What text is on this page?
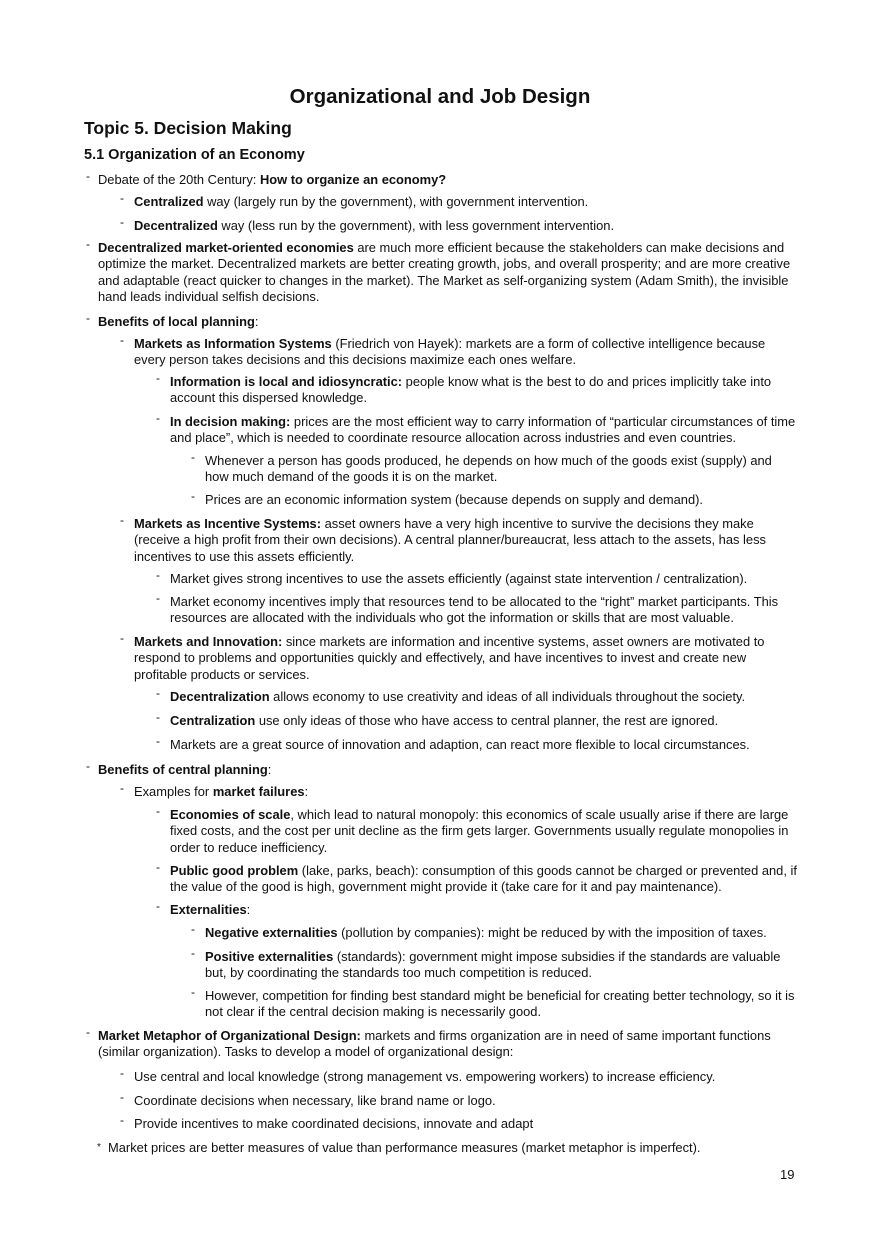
Organizational and Job Design
Topic 5. Decision Making
5.1 Organization of an Economy
- Debate of the 20th Century: How to organize an economy?
- Centralized way (largely run by the government), with government intervention.
- Decentralized way (less run by the government), with less government intervention.
- Decentralized market-oriented economies are much more efficient because the stakeholders can make decisions and optimize the market. Decentralized markets are better creating growth, jobs, and overall prosperity; and are more creative and adaptable (react quicker to changes in the market). The Market as self-organizing system (Adam Smith), the invisible hand leads individual selfish decisions.
- Benefits of local planning:
- Markets as Information Systems (Friedrich von Hayek): markets are a form of collective intelligence because every person takes decisions and this decisions maximize each ones welfare.
- Information is local and idiosyncratic: people know what is the best to do and prices implicitly take into account this dispersed knowledge.
- In decision making: prices are the most efficient way to carry information of “particular circumstances of time and place”, which is needed to coordinate resource allocation across industries and even countries.
- Whenever a person has goods produced, he depends on how much of the goods exist (supply) and how much demand of the goods it is on the market.
- Prices are an economic information system (because depends on supply and demand).
- Markets as Incentive Systems: asset owners have a very high incentive to survive the decisions they make (receive a high profit from their own decisions). A central planner/bureaucrat, less attach to the assets, has less incentives to use this assets efficiently.
- Market gives strong incentives to use the assets efficiently (against state intervention / centralization).
- Market economy incentives imply that resources tend to be allocated to the “right” market participants. This resources are allocated with the individuals who got the information or skills that are most valuable.
- Markets and Innovation: since markets are information and incentive systems, asset owners are motivated to respond to problems and opportunities quickly and effectively, and have incentives to invest and create new profitable products or services.
- Decentralization allows economy to use creativity and ideas of all individuals throughout the society.
- Centralization use only ideas of those who have access to central planner, the rest are ignored.
- Markets are a great source of innovation and adaption, can react more flexible to local circumstances.
- Benefits of central planning:
- Examples for market failures:
- Economies of scale, which lead to natural monopoly: this economics of scale usually arise if there are large fixed costs, and the cost per unit decline as the firm gets larger. Governments usually regulate monopolies in order to reduce inefficiency.
- Public good problem (lake, parks, beach): consumption of this goods cannot be charged or prevented and, if the value of the good is high, government might provide it (take care for it and pay maintenance).
- Externalities:
- Negative externalities (pollution by companies): might be reduced by with the imposition of taxes.
- Positive externalities (standards): government might impose subsidies if the standards are valuable but, by coordinating the standards too much competition is reduced.
- However, competition for finding best standard might be beneficial for creating better technology, so it is not clear if the central decision making is necessarily good.
- Market Metaphor of Organizational Design: markets and firms organization are in need of same important functions (similar organization). Tasks to develop a model of organizational design:
- Use central and local knowledge (strong management vs. empowering workers) to increase efficiency.
- Coordinate decisions when necessary, like brand name or logo.
- Provide incentives to make coordinated decisions, innovate and adapt
* Market prices are better measures of value than performance measures (market metaphor is imperfect).
19
